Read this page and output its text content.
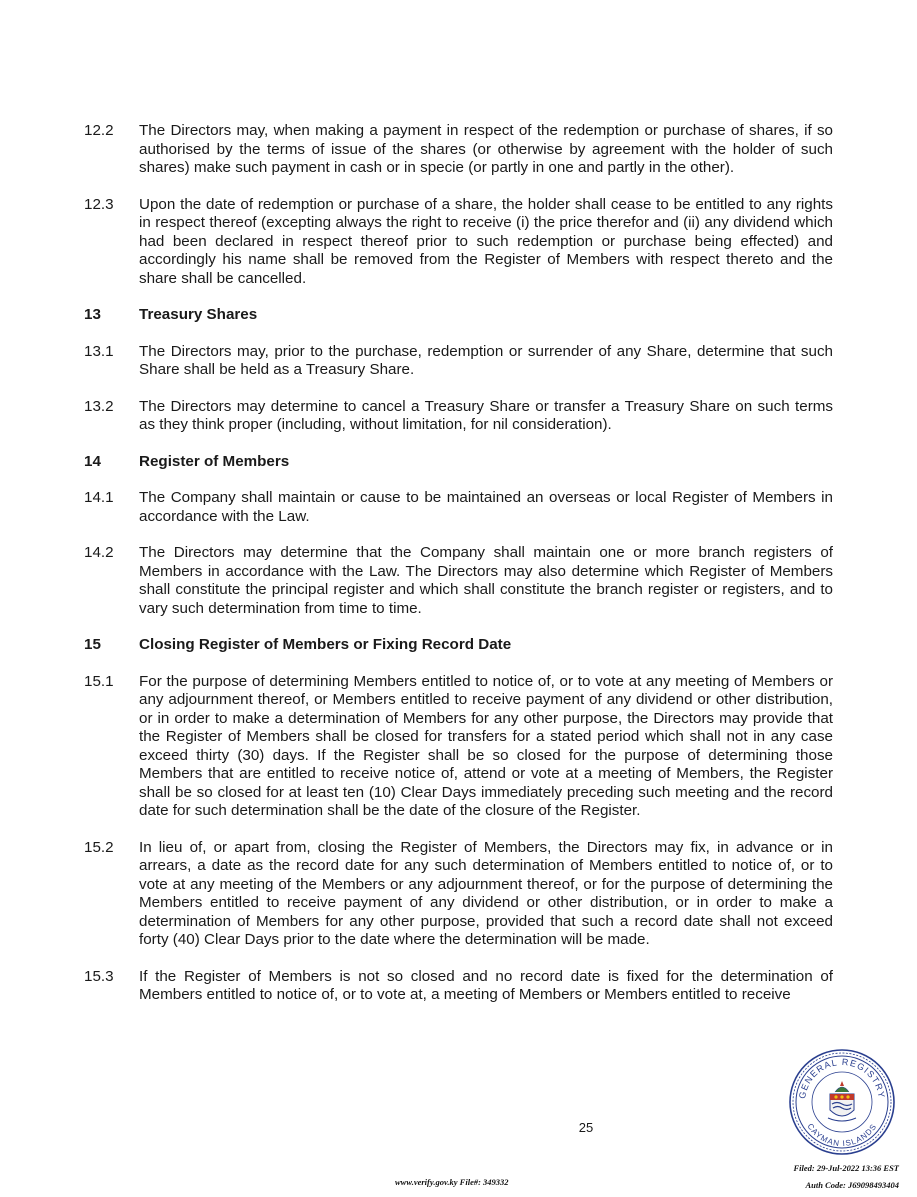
12.2	The Directors may, when making a payment in respect of the redemption or purchase of shares, if so authorised by the terms of issue of the shares (or otherwise by agreement with the holder of such shares) make such payment in cash or in specie (or partly in one and partly in the other).
12.3	Upon the date of redemption or purchase of a share, the holder shall cease to be entitled to any rights in respect thereof (excepting always the right to receive (i) the price therefor and (ii) any dividend which had been declared in respect thereof prior to such redemption or purchase being effected) and accordingly his name shall be removed from the Register of Members with respect thereto and the share shall be cancelled.
13	Treasury Shares
13.1	The Directors may, prior to the purchase, redemption or surrender of any Share, determine that such Share shall be held as a Treasury Share.
13.2	The Directors may determine to cancel a Treasury Share or transfer a Treasury Share on such terms as they think proper (including, without limitation, for nil consideration).
14	Register of Members
14.1	The Company shall maintain or cause to be maintained an overseas or local Register of Members in accordance with the Law.
14.2	The Directors may determine that the Company shall maintain one or more branch registers of Members in accordance with the Law. The Directors may also determine which Register of Members shall constitute the principal register and which shall constitute the branch register or registers, and to vary such determination from time to time.
15	Closing Register of Members or Fixing Record Date
15.1	For the purpose of determining Members entitled to notice of, or to vote at any meeting of Members or any adjournment thereof, or Members entitled to receive payment of any dividend or other distribution, or in order to make a determination of Members for any other purpose, the Directors may provide that the Register of Members shall be closed for transfers for a stated period which shall not in any case exceed thirty (30) days. If the Register shall be so closed for the purpose of determining those Members that are entitled to receive notice of, attend or vote at a meeting of Members, the Register shall be so closed for at least ten (10) Clear Days immediately preceding such meeting and the record date for such determination shall be the date of the closure of the Register.
15.2	In lieu of, or apart from, closing the Register of Members, the Directors may fix, in advance or in arrears, a date as the record date for any such determination of Members entitled to notice of, or to vote at any meeting of the Members or any adjournment thereof, or for the purpose of determining the Members entitled to receive payment of any dividend or other distribution, or in order to make a determination of Members for any other purpose, provided that such a record date shall not exceed forty (40) Clear Days prior to the date where the determination will be made.
15.3	If the Register of Members is not so closed and no record date is fixed for the determination of Members entitled to notice of, or to vote at, a meeting of Members or Members entitled to receive
25
www.verify.gov.ky File#: 349332
Filed: 29-Jul-2022 13:36 EST
Auth Code: J69098493404
GENERAL REGISTRY
CAYMAN ISLANDS
